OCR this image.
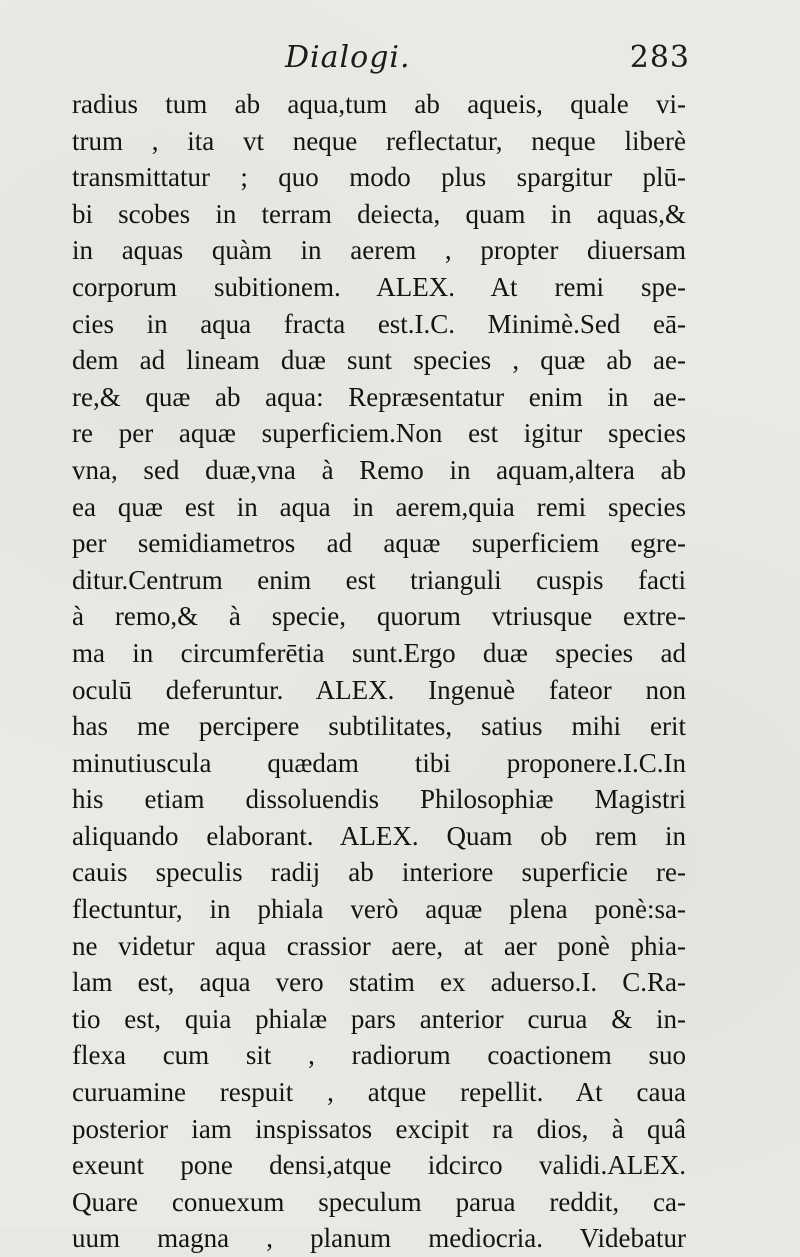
Dialogi.	283
radius tum ab aqua,tum ab aqueis, quale vi-
trum , ita vt neque reflectatur, neque liberè
transmittatur ; quo modo plus spargitur plū-
bi scobes in terram deiecta, quam in aquas,&
in aquas quàm in aerem , propter diuersam
corporum subitionem. ALEX. At remi spe-
cies in aqua fracta est.I.C. Minimè.Sed eā-
dem ad lineam duæ sunt species , quæ ab ae-
re,& quæ ab aqua: Repræsentatur enim in ae-
re per aquæ superficiem.Non est igitur species
vna, sed duæ,vna à Remo in aquam,altera ab
ea quæ est in aqua in aerem,quia remi species
per semidiametros ad aquæ superficiem egre-
ditur.Centrum enim est trianguli cuspis facti
à remo,& à specie, quorum vtriusque extre-
ma in circumferētia sunt.Ergo duæ species ad
oculū deferuntur. ALEX. Ingenuè fateor non
has me percipere subtilitates, satius mihi erit
minutiuscula quædam tibi proponere.I.C.In
his etiam dissoluendis Philosophiæ Magistri
aliquando elaborant. ALEX. Quam ob rem in
cauis speculis radij ab interiore superficie re-
flectuntur, in phiala verò aquæ plena ponè:sa-
ne videtur aqua crassior aere, at aer ponè phia-
lam est, aqua vero statim ex aduerso.I. C.Ra-
tio est, quia phialæ pars anterior curua & in-
flexa cum sit , radiorum coactionem suo
curuamine respuit , atque repellit. At caua
posterior iam inspissatos excipit ra dios, à quâ
exeunt pone densi,atque idcirco validi.ALEX.
Quare conuexum speculum parua reddit, ca-
uum magna , planum mediocria. Videbatur
